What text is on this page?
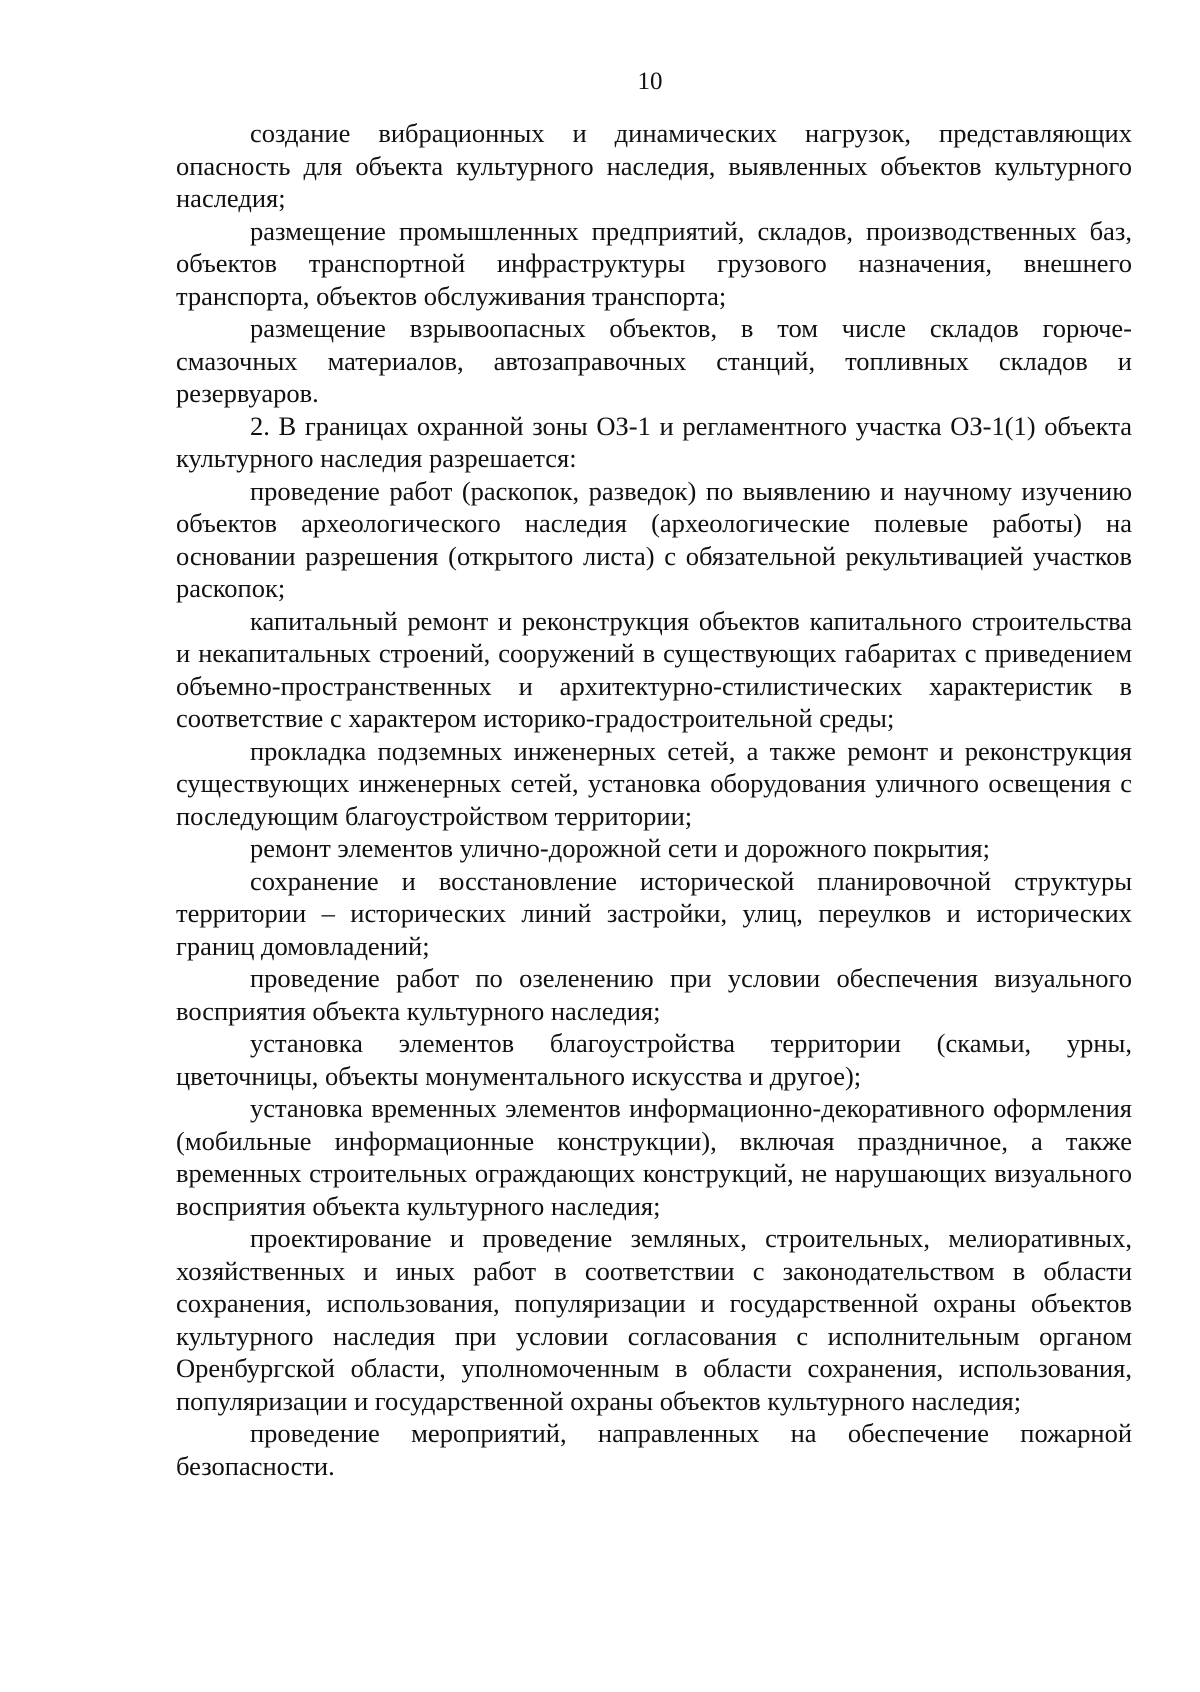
10

создание вибрационных и динамических нагрузок, представляющих опасность для объекта культурного наследия, выявленных объектов культурного наследия;

размещение промышленных предприятий, складов, производственных баз, объектов транспортной инфраструктуры грузового назначения, внешнего транспорта, объектов обслуживания транспорта;

размещение взрывоопасных объектов, в том числе складов горюче-смазочных материалов, автозаправочных станций, топливных складов и резервуаров.

2. В границах охранной зоны ОЗ-1 и регламентного участка ОЗ-1(1) объекта культурного наследия разрешается:

проведение работ (раскопок, разведок) по выявлению и научному изучению объектов археологического наследия (археологические полевые работы) на основании разрешения (открытого листа) с обязательной рекультивацией участков раскопок;

капитальный ремонт и реконструкция объектов капитального строительства и некапитальных строений, сооружений в существующих габаритах с приведением объемно-пространственных и архитектурно-стилистических характеристик в соответствие с характером историко-градостроительной среды;

прокладка подземных инженерных сетей, а также ремонт и реконструкция существующих инженерных сетей, установка оборудования уличного освещения с последующим благоустройством территории;

ремонт элементов улично-дорожной сети и дорожного покрытия;

сохранение и восстановление исторической планировочной структуры территории – исторических линий застройки, улиц, переулков и исторических границ домовладений;

проведение работ по озеленению при условии обеспечения визуального восприятия объекта культурного наследия;

установка элементов благоустройства территории (скамьи, урны, цветочницы, объекты монументального искусства и другое);

установка временных элементов информационно-декоративного оформления (мобильные информационные конструкции), включая праздничное, а также временных строительных ограждающих конструкций, не нарушающих визуального восприятия объекта культурного наследия;

проектирование и проведение земляных, строительных, мелиоративных, хозяйственных и иных работ в соответствии с законодательством в области сохранения, использования, популяризации и государственной охраны объектов культурного наследия при условии согласования с исполнительным органом Оренбургской области, уполномоченным в области сохранения, использования, популяризации и государственной охраны объектов культурного наследия;

проведение мероприятий, направленных на обеспечение пожарной безопасности.
